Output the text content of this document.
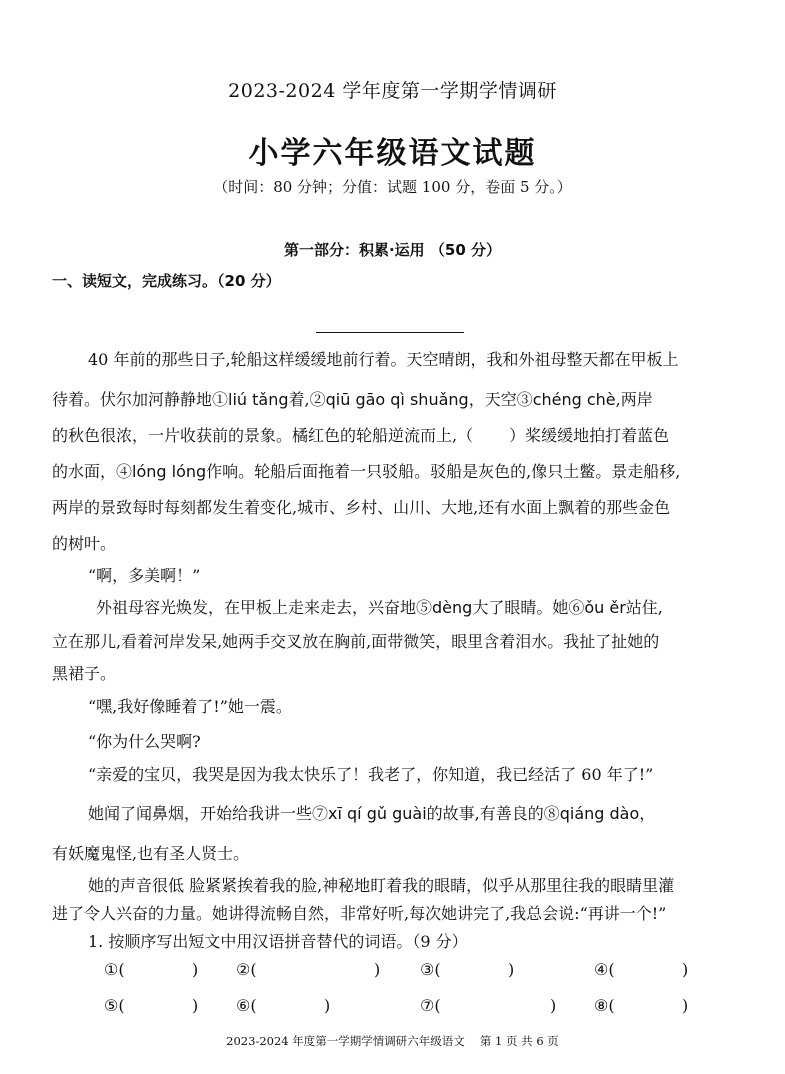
2023-2024 学年度第一学期学情调研
小学六年级语文试题
（时间：80 分钟；分值：试题 100 分，卷面 5 分。）
第一部分：积累·运用 （50 分）
一、读短文，完成练习。（20 分）
40 年前的那些日子,轮船这样缓缓地前行着。天空晴朗，我和外祖母整天都在甲板上
待着。伏尔加河静静地①liú tǎng着,②qiū gāo qì shuǎng，天空③chéng chè,两岸
的秋色很浓，一片收获前的景象。橘红色的轮船逆流而上,（ ）桨缓缓地拍打着蓝色
的水面，④lóng lóng作响。轮船后面拖着一只驳船。驳船是灰色的,像只土鳖。景走船移,
两岸的景致每时每刻都发生着变化,城市、乡村、山川、大地,还有水面上飘着的那些金色
的树叶。
“啊，多美啊！”
外祖母容光焕发，在甲板上走来走去，兴奋地⑤dèng大了眼睛。她⑥ǒu ěr站住,
立在那儿,看着河岸发呆,她两手交叉放在胸前,面带微笑，眼里含着泪水。我扯了扯她的
黑裙子。
“嘿,我好像睡着了!”她一震。
“你为什么哭啊?
“亲爱的宝贝，我哭是因为我太快乐了！我老了，你知道，我已经活了 60 年了!”
她闻了闻鼻烟，开始给我讲一些⑦xī qí gǔ guài的故事,有善良的⑧qiáng dào，
有妖魔鬼怪,也有圣人贤士。
她的声音很低 脸紧紧挨着我的脸,神秘地盯着我的眼睛，似乎从那里往我的眼睛里灌
进了令人兴奋的力量。她讲得流畅自然，非常好听,每次她讲完了,我总会说:“再讲一个!”
1. 按顺序写出短文中用汉语拼音替代的词语。（9 分）
①(	) ②(	) ③(	)	④(	)
⑤(	) ⑥(	)	⑦(	) ⑧(	)
2023-2024 年度第一学期学情调研六年级语文　 第 1 页 共 6 页
